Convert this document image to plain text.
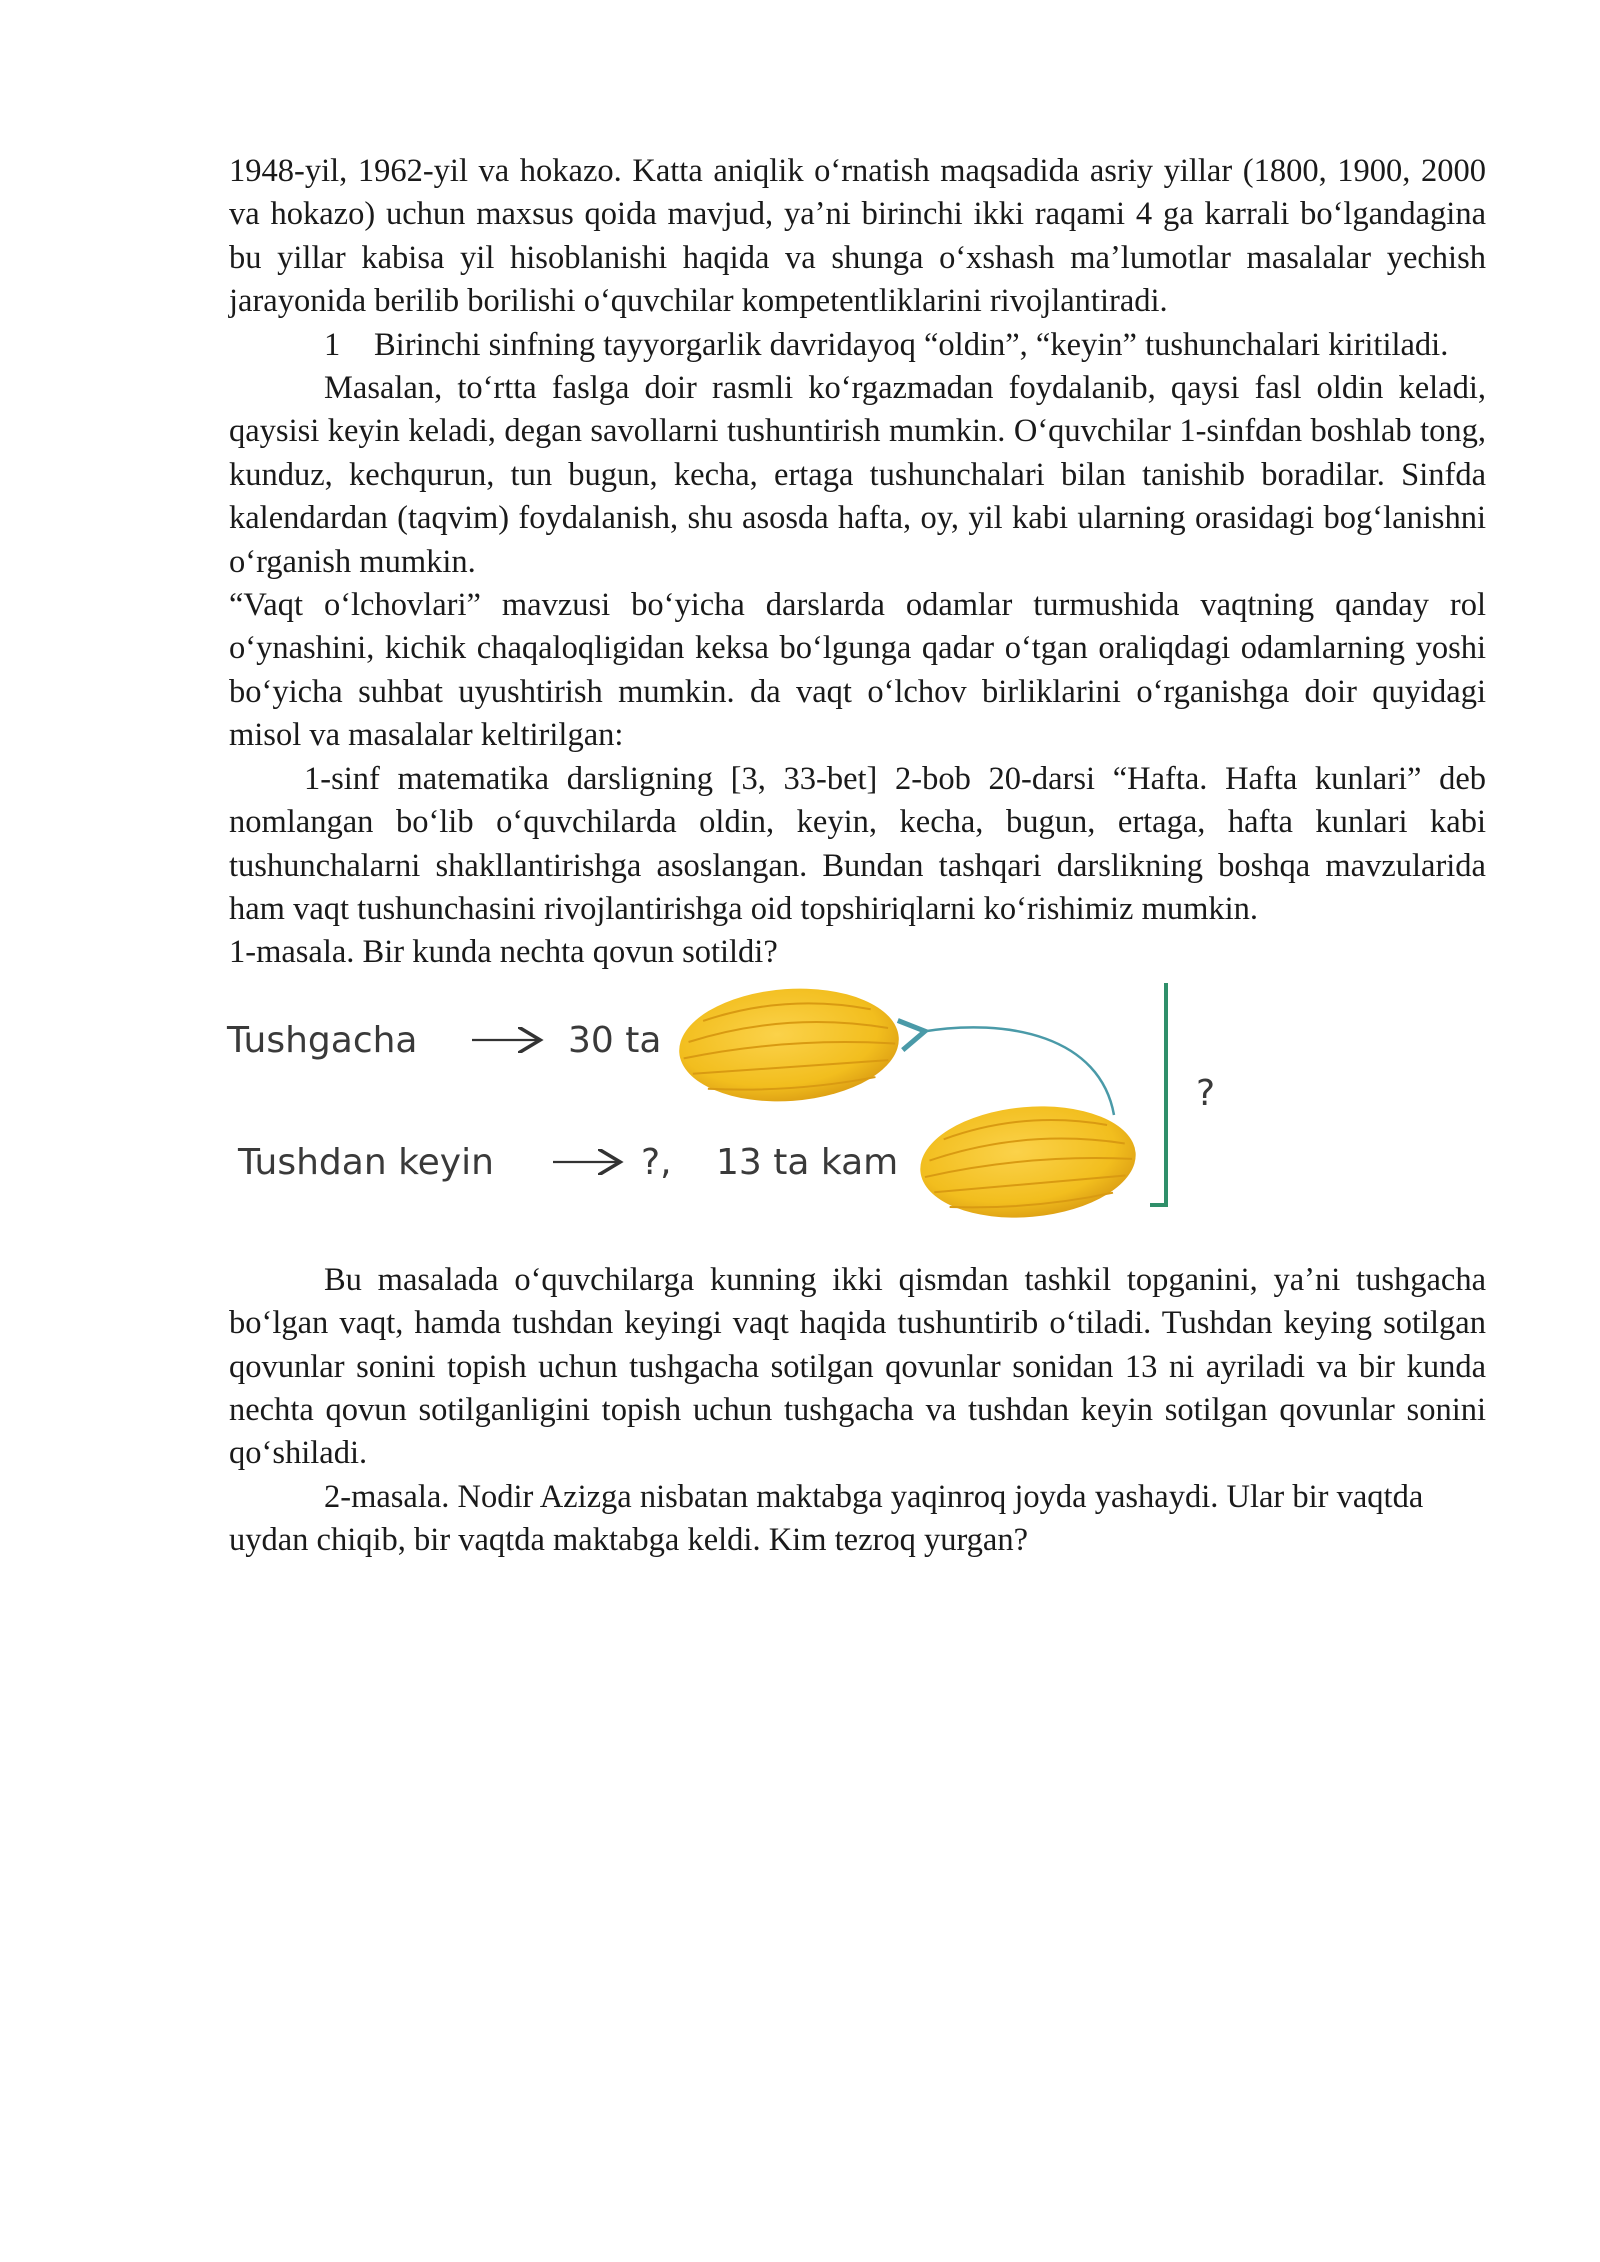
1948-yil, 1962-yil va hokazo. Katta aniqlik oʻrnatish maqsadida asriy yillar (1800, 1900, 2000 va hokazo) uchun maxsus qoida mavjud, yaʼni birinchi ikki raqami 4 ga karrali boʻlgandagina bu yillar kabisa yil hisoblanishi haqida va shunga oʻxshash maʼlumotlar masalalar yechish jarayonida berilib borilishi oʻquvchilar kompetentliklarini rivojlantiradi.

1 Birinchi sinfning tayyorgarlik davridayoq “oldin”, “keyin” tushunchalari kiritiladi.

Masalan, toʻrtta faslga doir rasmli koʻrgazmadan foydalanib, qaysi fasl oldin keladi, qaysisi keyin keladi, degan savollarni tushuntirish mumkin. Oʻquvchilar 1-sinfdan boshlab tong, kunduz, kechqurun, tun bugun, kecha, ertaga tushunchalari bilan tanishib boradilar. Sinfda kalendardan (taqvim) foydalanish, shu asosda hafta, oy, yil kabi ularning orasidagi bogʻlanishni oʻrganish mumkin.

“Vaqt oʻlchovlari” mavzusi boʻyicha darslarda odamlar turmushida vaqtning qanday rol oʻynashini, kichik chaqaloqligidan keksa boʻlgunga qadar oʻtgan oraliqdagi odamlarning yoshi boʻyicha suhbat uyushtirish mumkin. da vaqt oʻlchov birliklarini oʻrganishga doir quyidagi misol va masalalar keltirilgan:

1-sinf matematika darsligning [3, 33-bet] 2-bob 20-darsi “Hafta. Hafta kunlari” deb nomlangan boʻlib oʻquvchilarda oldin, keyin, kecha, bugun, ertaga, hafta kunlari kabi tushunchalarni shakllantirishga asoslangan. Bundan tashqari darslikning boshqa mavzularida ham vaqt tushunchasini rivojlantirishga oid topshiriqlarni koʻrishimiz mumkin.

1-masala. Bir kunda nechta qovun sotildi?

Tushgacha	30 ta
Tushdan keyin	?, 13 ta kam
?

Bu masalada oʻquvchilarga kunning ikki qismdan tashkil topganini, yaʼni tushgacha boʻlgan vaqt, hamda tushdan keyingi vaqt haqida tushuntirib oʻtiladi. Tushdan keying sotilgan qovunlar sonini topish uchun tushgacha sotilgan qovunlar sonidan 13 ni ayriladi va bir kunda nechta qovun sotilganligini topish uchun tushgacha va tushdan keyin sotilgan qovunlar sonini qoʻshiladi.

2-masala. Nodir Azizga nisbatan maktabga yaqinroq joyda yashaydi. Ular bir vaqtda

uydan chiqib, bir vaqtda maktabga keldi. Kim tezroq yurgan?
